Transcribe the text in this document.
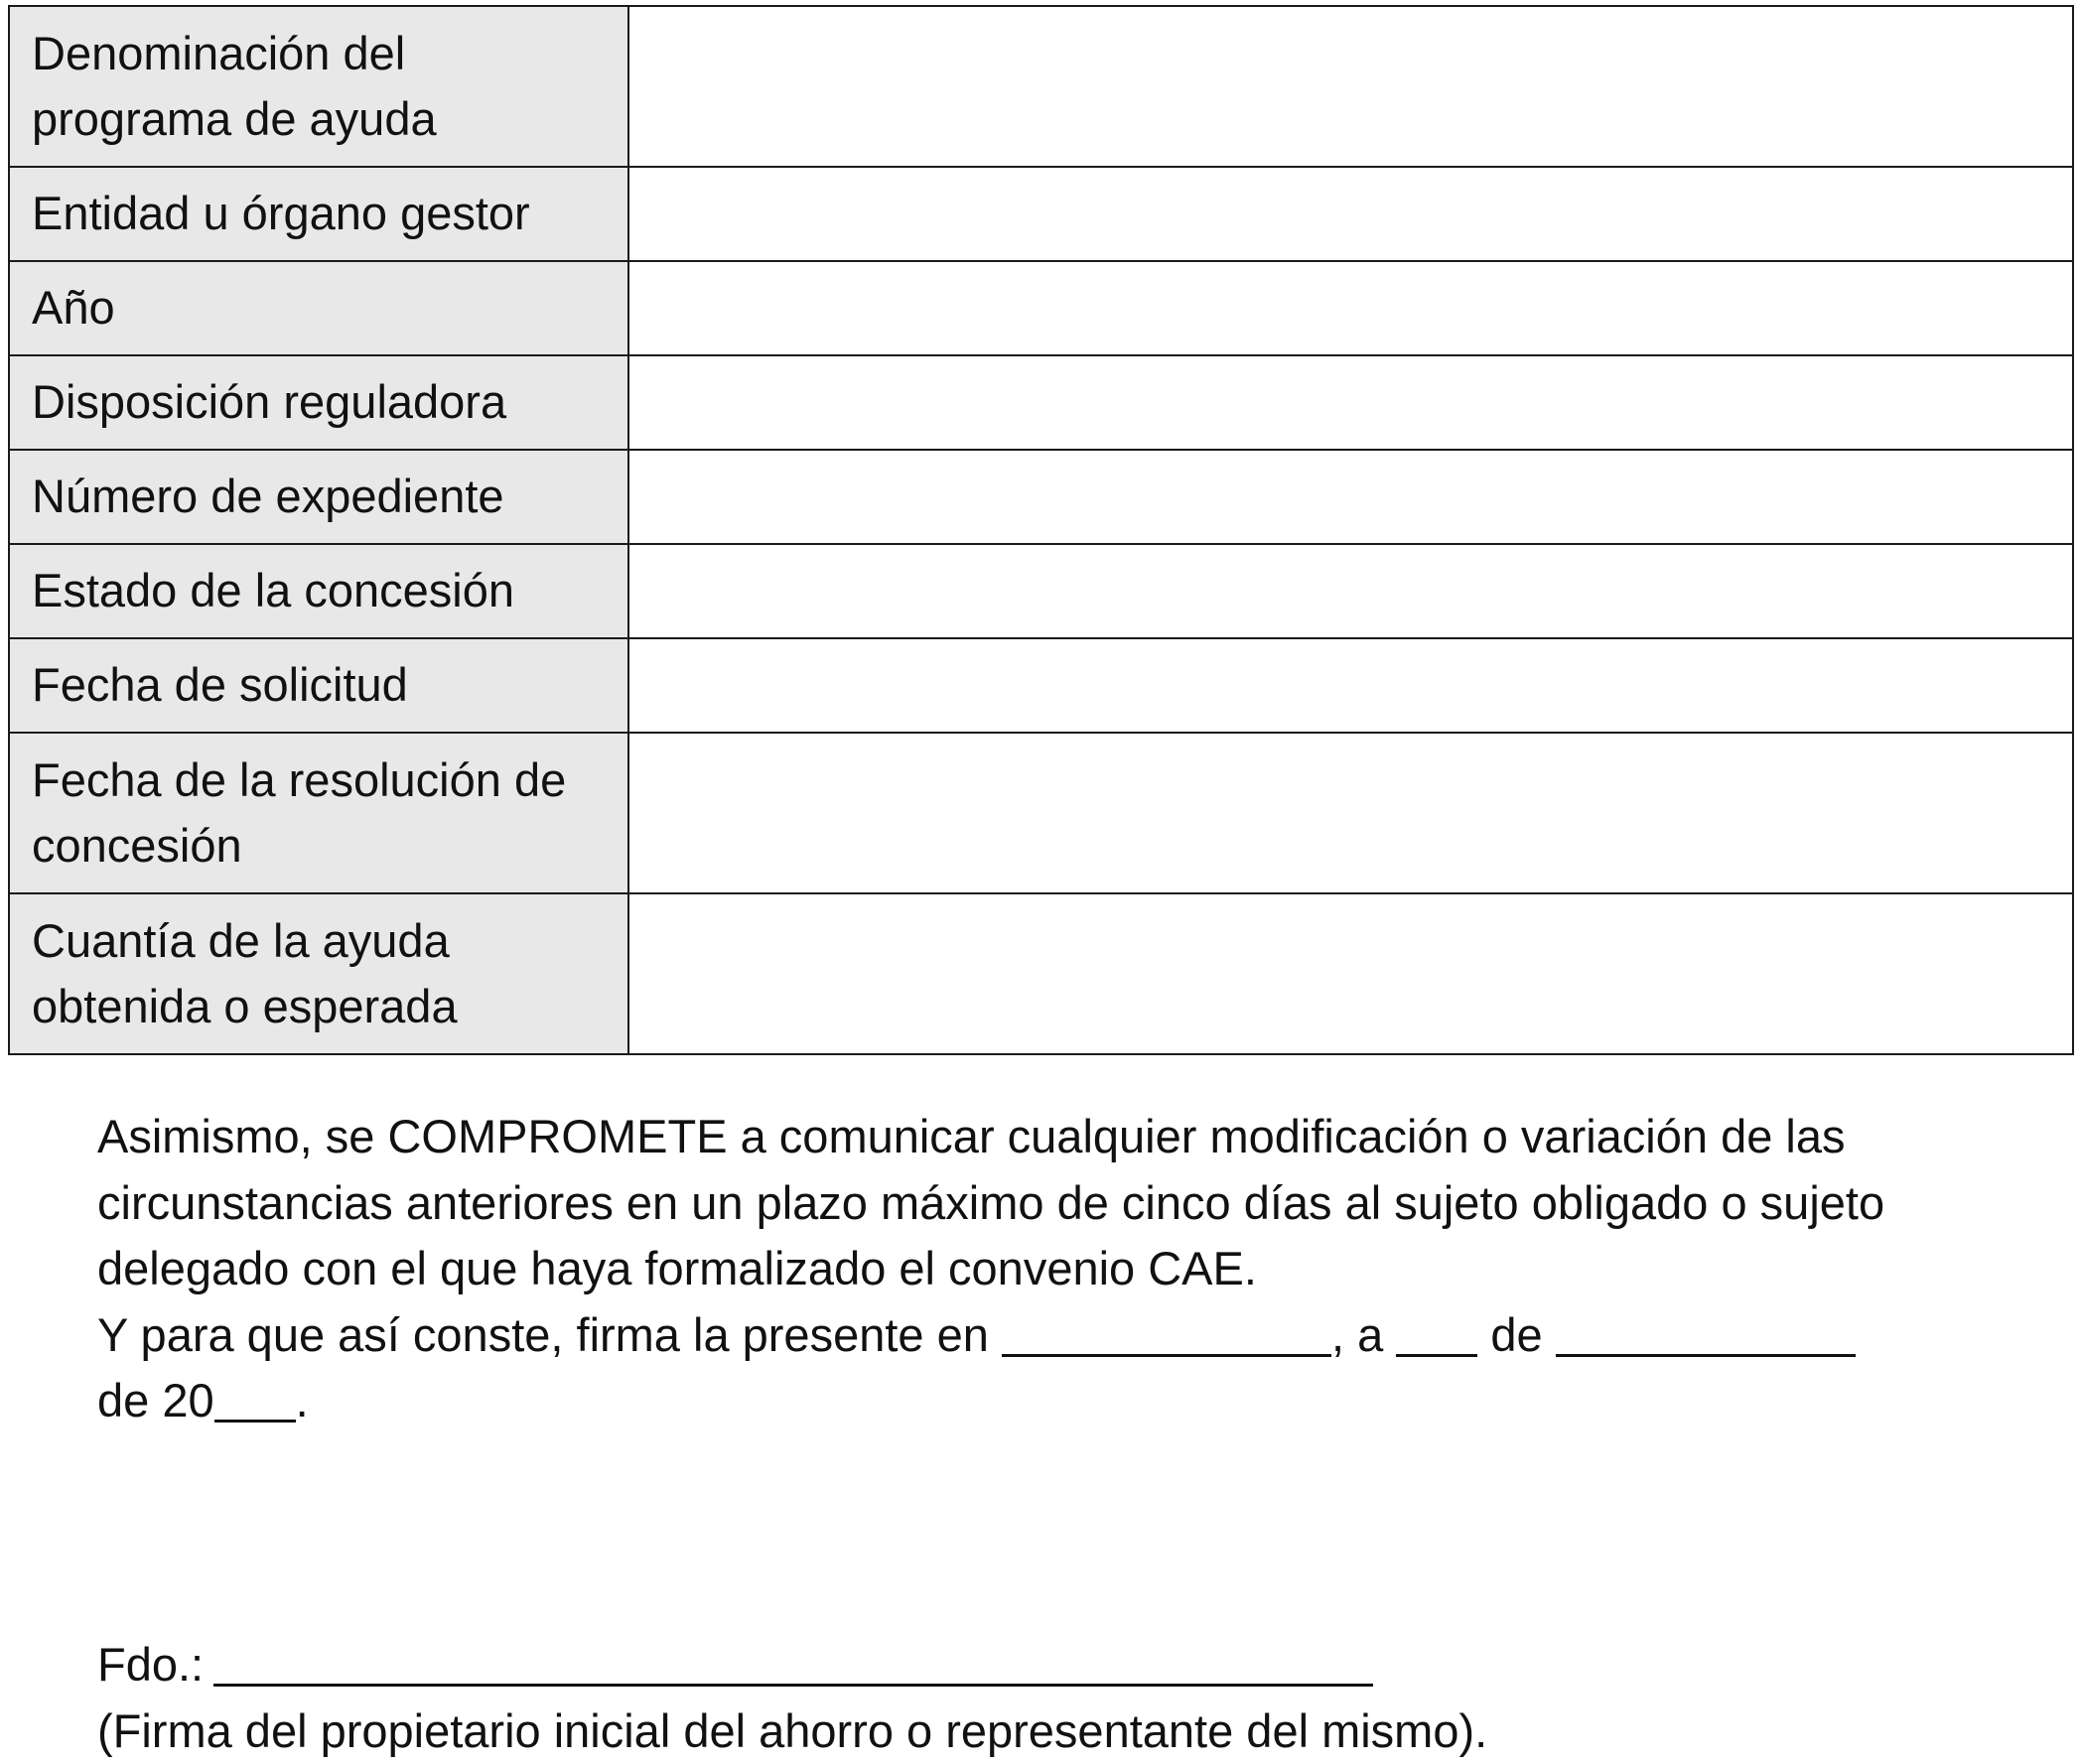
Denominación del programa de ayuda	
Entidad u órgano gestor	
Año	
Disposición reguladora	
Número de expediente	
Estado de la concesión	
Fecha de solicitud	
Fecha de la resolución de concesión	
Cuantía de la ayuda obtenida o esperada	

Asimismo, se COMPROMETE a comunicar cualquier modificación o variación de las circunstancias anteriores en un plazo máximo de cinco días al sujeto obligado o sujeto delegado con el que haya formalizado el convenio CAE.

Y para que así conste, firma la presente en	, a  de
de 20 .

Fdo.:

(Firma del propietario inicial del ahorro o representante del mismo).
